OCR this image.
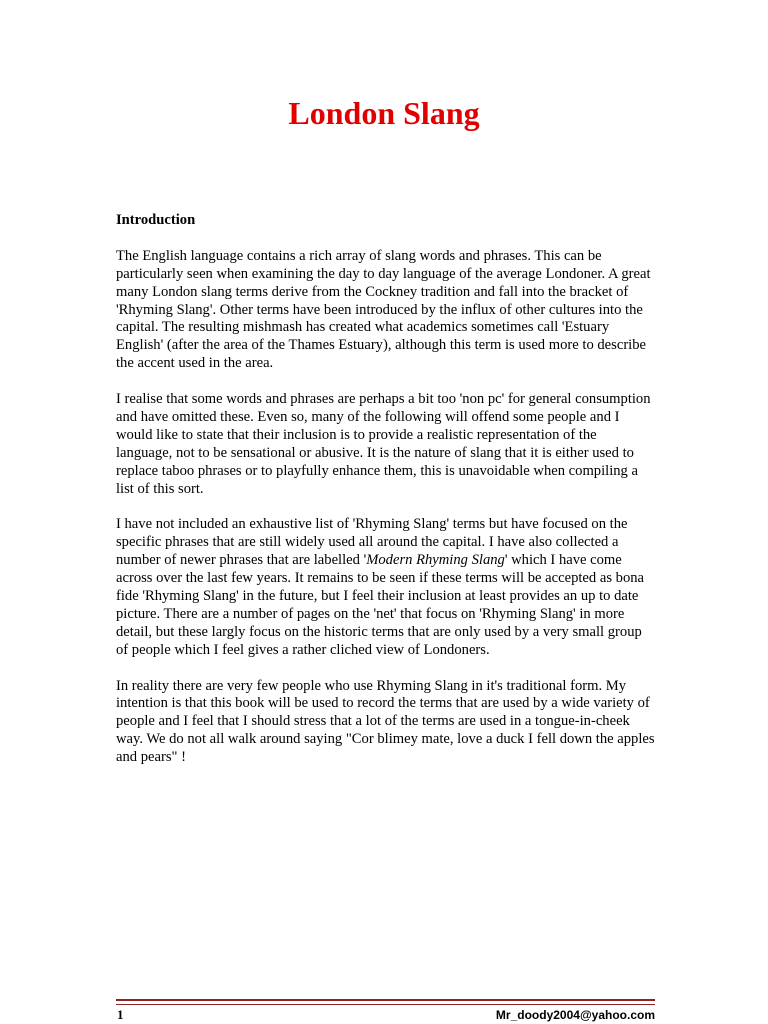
London Slang
Introduction

The English language contains a rich array of slang words and phrases. This can be particularly seen when examining the day to day language of the average Londoner. A great many London slang terms derive from the Cockney tradition and fall into the bracket of 'Rhyming Slang'. Other terms have been introduced by the influx of other cultures into the capital. The resulting mishmash has created what academics sometimes call 'Estuary English' (after the area of the Thames Estuary), although this term is used more to describe the accent used in the area.

I realise that some words and phrases are perhaps a bit too 'non pc' for general consumption and have omitted these. Even so, many of the following will offend some people and I would like to state that their inclusion is to provide a realistic representation of the language, not to be sensational or abusive. It is the nature of slang that it is either used to replace taboo phrases or to playfully enhance them, this is unavoidable when compiling a list of this sort.

I have not included an exhaustive list of 'Rhyming Slang' terms but have focused on the specific phrases that are still widely used all around the capital. I have also collected a number of newer phrases that are labelled 'Modern Rhyming Slang' which I have come across over the last few years. It remains to be seen if these terms will be accepted as bona fide 'Rhyming Slang' in the future, but I feel their inclusion at least provides an up to date picture. There are a number of pages on the 'net' that focus on 'Rhyming Slang' in more detail, but these largly focus on the historic terms that are only used by a very small group of people which I feel gives a rather cliched view of Londoners.

In reality there are very few people who use Rhyming Slang in it's traditional form. My intention is that this book will be used to record the terms that are used by a wide variety of people and I feel that I should stress that a lot of the terms are used in a tongue-in-cheek way. We do not all walk around saying "Cor blimey mate, love a duck I fell down the apples and pears" !

1	Mr_doody2004@yahoo.com
